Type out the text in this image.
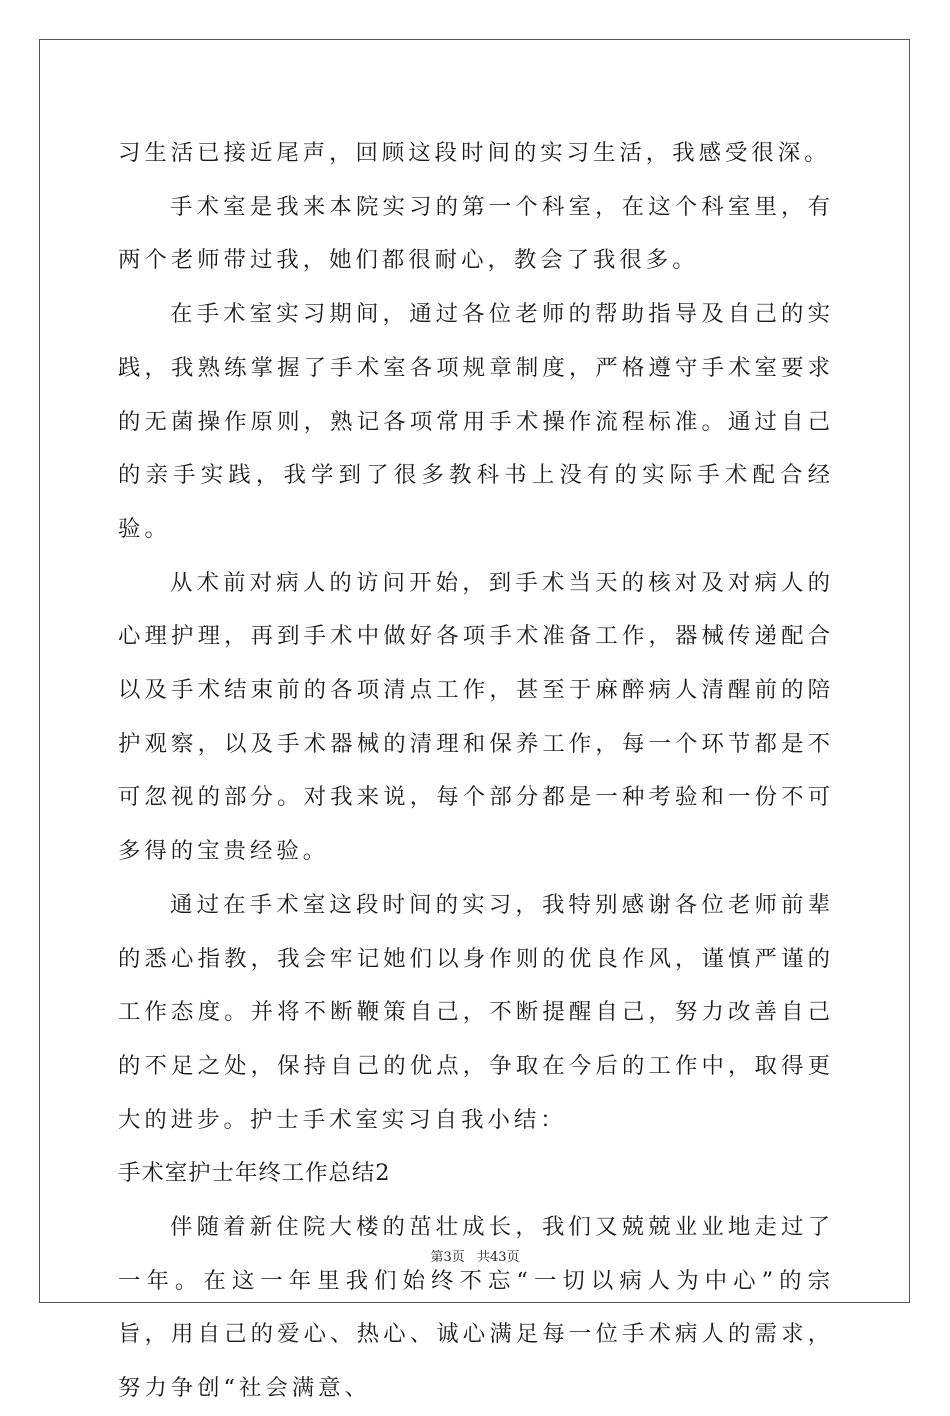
习生活已接近尾声，回顾这段时间的实习生活，我感受很深。

手术室是我来本院实习的第一个科室，在这个科室里，有两个老师带过我，她们都很耐心，教会了我很多。

在手术室实习期间，通过各位老师的帮助指导及自己的实践，我熟练掌握了手术室各项规章制度，严格遵守手术室要求的无菌操作原则，熟记各项常用手术操作流程标准。通过自己的亲手实践，我学到了很多教科书上没有的实际手术配合经验。

从术前对病人的访问开始，到手术当天的核对及对病人的心理护理，再到手术中做好各项手术准备工作，器械传递配合以及手术结束前的各项清点工作，甚至于麻醉病人清醒前的陪护观察，以及手术器械的清理和保养工作，每一个环节都是不可忽视的部分。对我来说，每个部分都是一种考验和一份不可多得的宝贵经验。

通过在手术室这段时间的实习，我特别感谢各位老师前辈的悉心指教，我会牢记她们以身作则的优良作风，谨慎严谨的工作态度。并将不断鞭策自己，不断提醒自己，努力改善自己的不足之处，保持自己的优点，争取在今后的工作中，取得更大的进步。护士手术室实习自我小结：

手术室护士年终工作总结2

伴随着新住院大楼的茁壮成长，我们又兢兢业业地走过了一年。在这一年里我们始终不忘“一切以病人为中心”的宗旨，用自己的爱心、热心、诚心满足每一位手术病人的需求，努力争创“社会满意、

第3页 共43页
